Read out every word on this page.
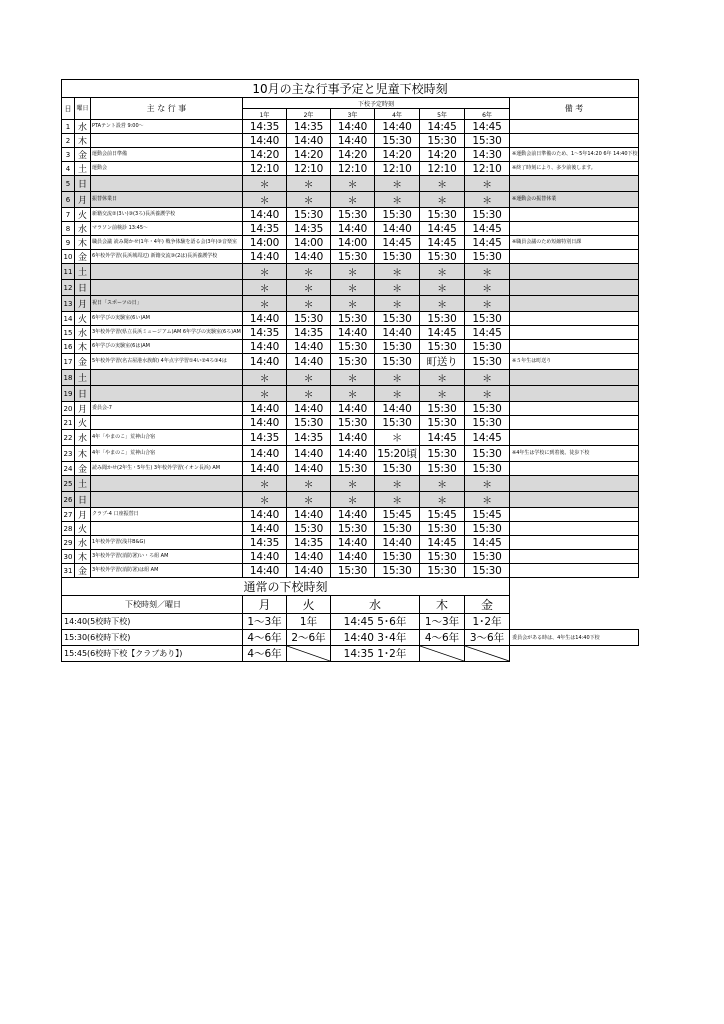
10月の主な行事予定と児童下校時刻									
日	曜日	主 な 行 事	下校予定時刻						備 考
			1年	2年	3年	4年	5年	6年	
1	水	PTAテント設営 9:00～	14:35	14:35	14:40	14:40	14:45	14:45	
2	木		14:40	14:40	14:40	15:30	15:30	15:30	
3	金	運動会前日準備	14:20	14:20	14:20	14:20	14:20	14:30	※運動会前日準備のため、1～5年14:20 6年 14:40下校
4	土	運動会	12:10	12:10	12:10	12:10	12:10	12:10	※終了時刻により、多少前後します。
5	日		＊	＊	＊	＊	＊	＊	
6	月	振替休業日	＊	＊	＊	＊	＊	＊	※運動会の振替休業
7	火	新籍交流②(3い)③(3ろ)長浜養護学校	14:40	15:30	15:30	15:30	15:30	15:30	
8	水	マラソン前検診 13:45～	14:35	14:35	14:40	14:40	14:45	14:45	
9	木	職員会議 読み聞かせ(1年・4年) 戦争体験を語る会(3年)③音楽室	14:00	14:00	14:00	14:45	14:45	14:45	※職員会議のため短縮特別日課
10	金	6年校外学習(長浜城周辺) 新籍交流③(2は)長浜養護学校	14:40	14:40	15:30	15:30	15:30	15:30	
11	土		＊	＊	＊	＊	＊	＊	
12	日		＊	＊	＊	＊	＊	＊	
13	月	祝日「スポーツの日」	＊	＊	＊	＊	＊	＊	
14	火	6年学びの実験室(6い)AM	14:40	15:30	15:30	15:30	15:30	15:30	
15	水	3年校外学習(県立長浜ミュージアム)AM 6年学びの実験室(6ろ)AM	14:35	14:35	14:40	14:40	14:45	14:45	
16	木	6年学びの実験室(6は)AM	14:40	14:40	15:30	15:30	15:30	15:30	
17	金	5年校外学習(名古屋港水族館) 4年点字学習①4い②4ろ③4は	14:40	14:40	15:30	15:30	町送り	15:30	※５年生は町送り
18	土		＊	＊	＊	＊	＊	＊	
19	日		＊	＊	＊	＊	＊	＊	
20	月	委員会-7	14:40	14:40	14:40	14:40	15:30	15:30	
21	火		14:40	15:30	15:30	15:30	15:30	15:30	
22	水	4年「やまのこ」荒神山合宿	14:35	14:35	14:40	＊	14:45	14:45	
23	木	4年「やまのこ」荒神山合宿	14:40	14:40	14:40	15:20頃	15:30	15:30	※4年生は学校に到着後、徒歩下校
24	金	読み聞かせ(2年生・5年生) 3年校外学習(イオン長浜) AM	14:40	14:40	15:30	15:30	15:30	15:30	
25	土		＊	＊	＊	＊	＊	＊	
26	日		＊	＊	＊	＊	＊	＊	
27	月	クラブ-4 口座振替日	14:40	14:40	14:40	15:45	15:45	15:45	
28	火		14:40	15:30	15:30	15:30	15:30	15:30	
29	水	1年校外学習(浅井B&G)	14:35	14:35	14:40	14:40	14:45	14:45	
30	木	3年校外学習(消防署)い・ろ組 AM	14:40	14:40	14:40	15:30	15:30	15:30	
31	金	3年校外学習(消防署)は組 AM	14:40	14:40	15:30	15:30	15:30	15:30	
通常の下校時刻						
下校時刻／曜日	月	火	水	木	金	
14:40(5校時下校)	1～3年	1年	14:45 5･6年	1～3年	1･2年	
15:30(6校時下校)	4～6年	2～6年	14:40 3･4年	4～6年	3～6年	委員会がある時は、4年生は14:40下校
15:45(6校時下校【クラブあり】)	4～6年		14:35 1･2年	
